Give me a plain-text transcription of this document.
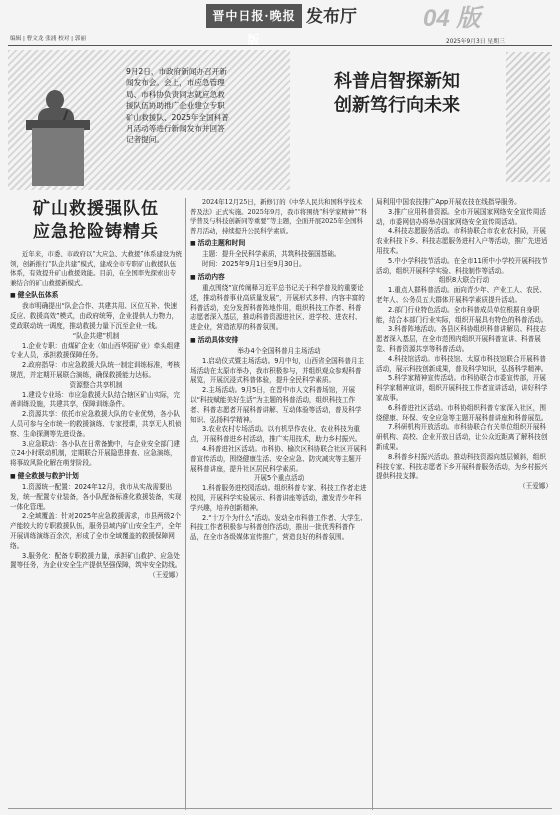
编辑 | 曹文龙 张浦 校对 | 郭丽
晋中日报·晚报版
发布厅	04 版
2025年9月3日 星期三
9月2日，市政府新闻办召开新闻发布会。会上，市应急管理局、市科协负责同志就应急救援队伍协助推广企业建立专职矿山救援队、2025年全国科普月活动等进行新闻发布并回答记者提问。
科普启智探新知
创新笃行向未来
矿山救援强队伍
应急抢险铸精兵

近年来，市委、市政府以“大应急、大救援”体系建设为统领，创新推行“队企共建”模式，建成全市专职矿山救援队伍体系，有效提升矿山救援效能。目前，在全国率先探索出专兼结合的矿山救援新模式。

■ 健全队伍体系

我市明确提出“队企合作、共建共用、区位互补、快速反应、救援高效”模式，由政府统筹，企业提供人力物力，党政联动统一调度，推动救援力量下沉至企业一线。

“队企共建”机制

1.企业专职：由煤矿企业（如山西华阳矿业）牵头组建专业人员，承担救援保障任务。

2.政府指导：市应急救援大队统一制定训练标准，考核规范，并定期开展联合演练，确保救援能力达标。

资源整合共享机制

1.建设专业场：市应急救援大队结合辖区矿山实际，完善训练设施，共建共享，保障训练条件。

2.资源共享：依托市应急救援大队的专业优势，各小队人员可参与全市统一的救援演练、专家授课，共享无人机侦察、生命探测等先进设备。

3.应急联动：各小队在日常备勤中，与企业安全部门建立24小时联动机制，定期联合开展隐患排查、应急演练，将事故风险化解在萌芽阶段。

■ 健全救援与救护计划

1.资源统一配置：2024年12月，我市从实战需要出发，统一配置专业装备，各小队配备标准化救援装备，实现一体化管理。

2.全域覆盖：针对2025年应急救援需求，市县两级2个产能较大的专职救援队伍，服务县域内矿山安全生产，全年开展训练演练百余次，形成了全市全域覆盖的救援保障网络。

3.服务化：配备专职救援力量，承担矿山救护、应急处置等任务，为企业安全生产提供坚强保障，筑牢安全防线。

（王爱娜）

2024年12月25日，新修订的《中华人民共和国科学技术普及法》正式实施。2025年9月，我市将围绕“科学家精神”“科学普及与科技创新同等重要”等主题，全面开展2025年全国科普月活动，持续提升公民科学素质。

■ 活动主题和时间

主题：提升全民科学素质，共筑科技强国基础。

时间：2025年9月1日至9月30日。

■ 活动内容

重点围绕“宣传阐释习近平总书记关于科学普及的重要论述，推动科普事业高质量发展”，开展形式多样、内容丰富的科普活动，充分发挥科普阵地作用，组织科技工作者、科普志愿者深入基层，推动科普资源进社区、进学校、进农村、进企业，营造浓厚的科普氛围。

■ 活动具体安排

举办4个全国科普月主场活动

1.启动仪式暨主场活动。9月中旬，山西省全国科普月主场活动在太原市举办，我市积极参与，并组织观众参观科普展览，开展沉浸式科普体验，提升全民科学素质。

2.主场活动。9月5日，在晋中市人文科普场馆，开展以“科技赋能美好生活”为主题的科普活动，组织科技工作者、科普志愿者开展科普讲解、互动体验等活动，普及科学知识、弘扬科学精神。

3.农业农村专场活动。以有机旱作农业、农业科技为重点，开展科普进乡村活动，推广实用技术，助力乡村振兴。

4.科普进社区活动。市科协、榆次区科协联合社区开展科普宣传活动，围绕健康生活、安全应急、防灾减灾等主题开展科普讲座，提升社区居民科学素质。

开展5个重点活动

1.科普服务进校园活动。组织科普专家、科技工作者走进校园，开展科学实验展示、科普讲座等活动，激发青少年科学兴趣，培养创新精神。

2.“十万个为什么”活动。发动全市科普工作者、大学生、科技工作者积极参与科普创作活动，推出一批优秀科普作品，在全市各级媒体宣传推广，营造良好的科普氛围。

局利用中国农技推广App开展农技在线指导服务。

3.推广应用科普资源。全市开展国家网络安全宣传周活动，市委网信办将举办国家网络安全宣传周活动。

4.科技志愿服务活动。市科协联合市农业农村局，开展农业科技下乡、科技志愿服务进村入户等活动，推广先进适用技术。

5.中小学科技节活动。在全市11所中小学校开展科技节活动，组织开展科学实验、科技制作等活动。

组织8大联合行动

1.重点人群科普活动。面向青少年、产业工人、农民、老年人、公务员五大群体开展科学素质提升活动。

2.部门行业特色活动。全市科普成员单位根据自身职能，结合本部门行业实际，组织开展具有特色的科普活动。

3.科普阵地活动。各县区科协组织科普讲解员、科技志愿者深入基层，在全市范围内组织开展科普宣讲、科普展览、科普资源共享等科普活动。

4.科技馆活动。市科技馆、太原市科技馆联合开展科普活动，展示科技创新成果，普及科学知识，弘扬科学精神。

5.科学家精神宣传活动。市科协联合市委宣传部，开展科学家精神宣讲，组织开展科技工作者宣讲活动，讲好科学家故事。

6.科普进社区活动。市科协组织科普专家深入社区，围绕健康、环保、安全应急等主题开展科普讲座和科普展览。

7.科研机构开放活动。市科协联合有关单位组织开展科研机构、高校、企业开放日活动，让公众近距离了解科技创新成果。

8.科普乡村振兴活动。推动科技资源向基层倾斜，组织科技专家、科技志愿者下乡开展科普服务活动，为乡村振兴提供科技支撑。

（王爱娜）
